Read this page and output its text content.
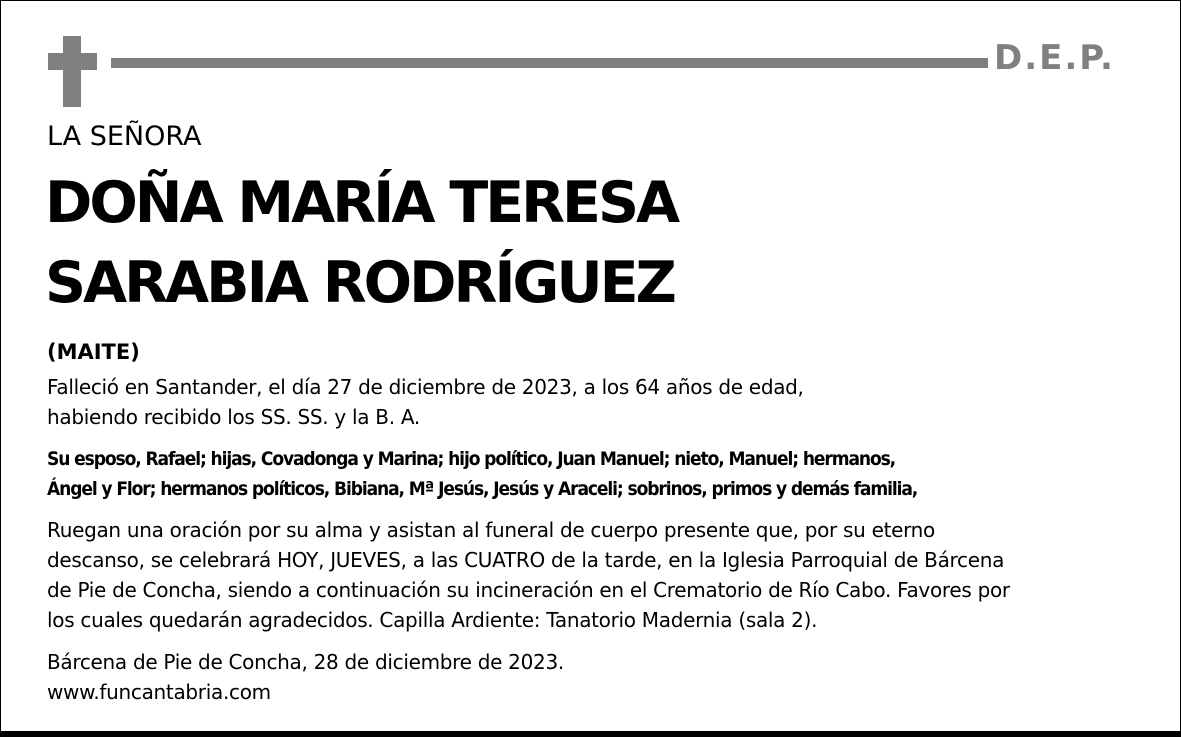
D.E.P.
LA SEÑORA
DOÑA MARÍA TERESA
SARABIA RODRÍGUEZ
(MAITE)
Falleció en Santander, el día 27 de diciembre de 2023, a los 64 años de edad,
habiendo recibido los SS. SS. y la B. A.
Su esposo, Rafael; hijas, Covadonga y Marina; hijo político, Juan Manuel; nieto, Manuel; hermanos,
Ángel y Flor; hermanos políticos, Bibiana, Mª Jesús, Jesús y Araceli; sobrinos, primos y demás familia,
Ruegan una oración por su alma y asistan al funeral de cuerpo presente que, por su eterno
descanso, se celebrará HOY, JUEVES, a las CUATRO de la tarde, en la Iglesia Parroquial de Bárcena
de Pie de Concha, siendo a continuación su incineración en el Crematorio de Río Cabo. Favores por
los cuales quedarán agradecidos. Capilla Ardiente: Tanatorio Madernia (sala 2).
Bárcena de Pie de Concha, 28 de diciembre de 2023.
www.funcantabria.com
